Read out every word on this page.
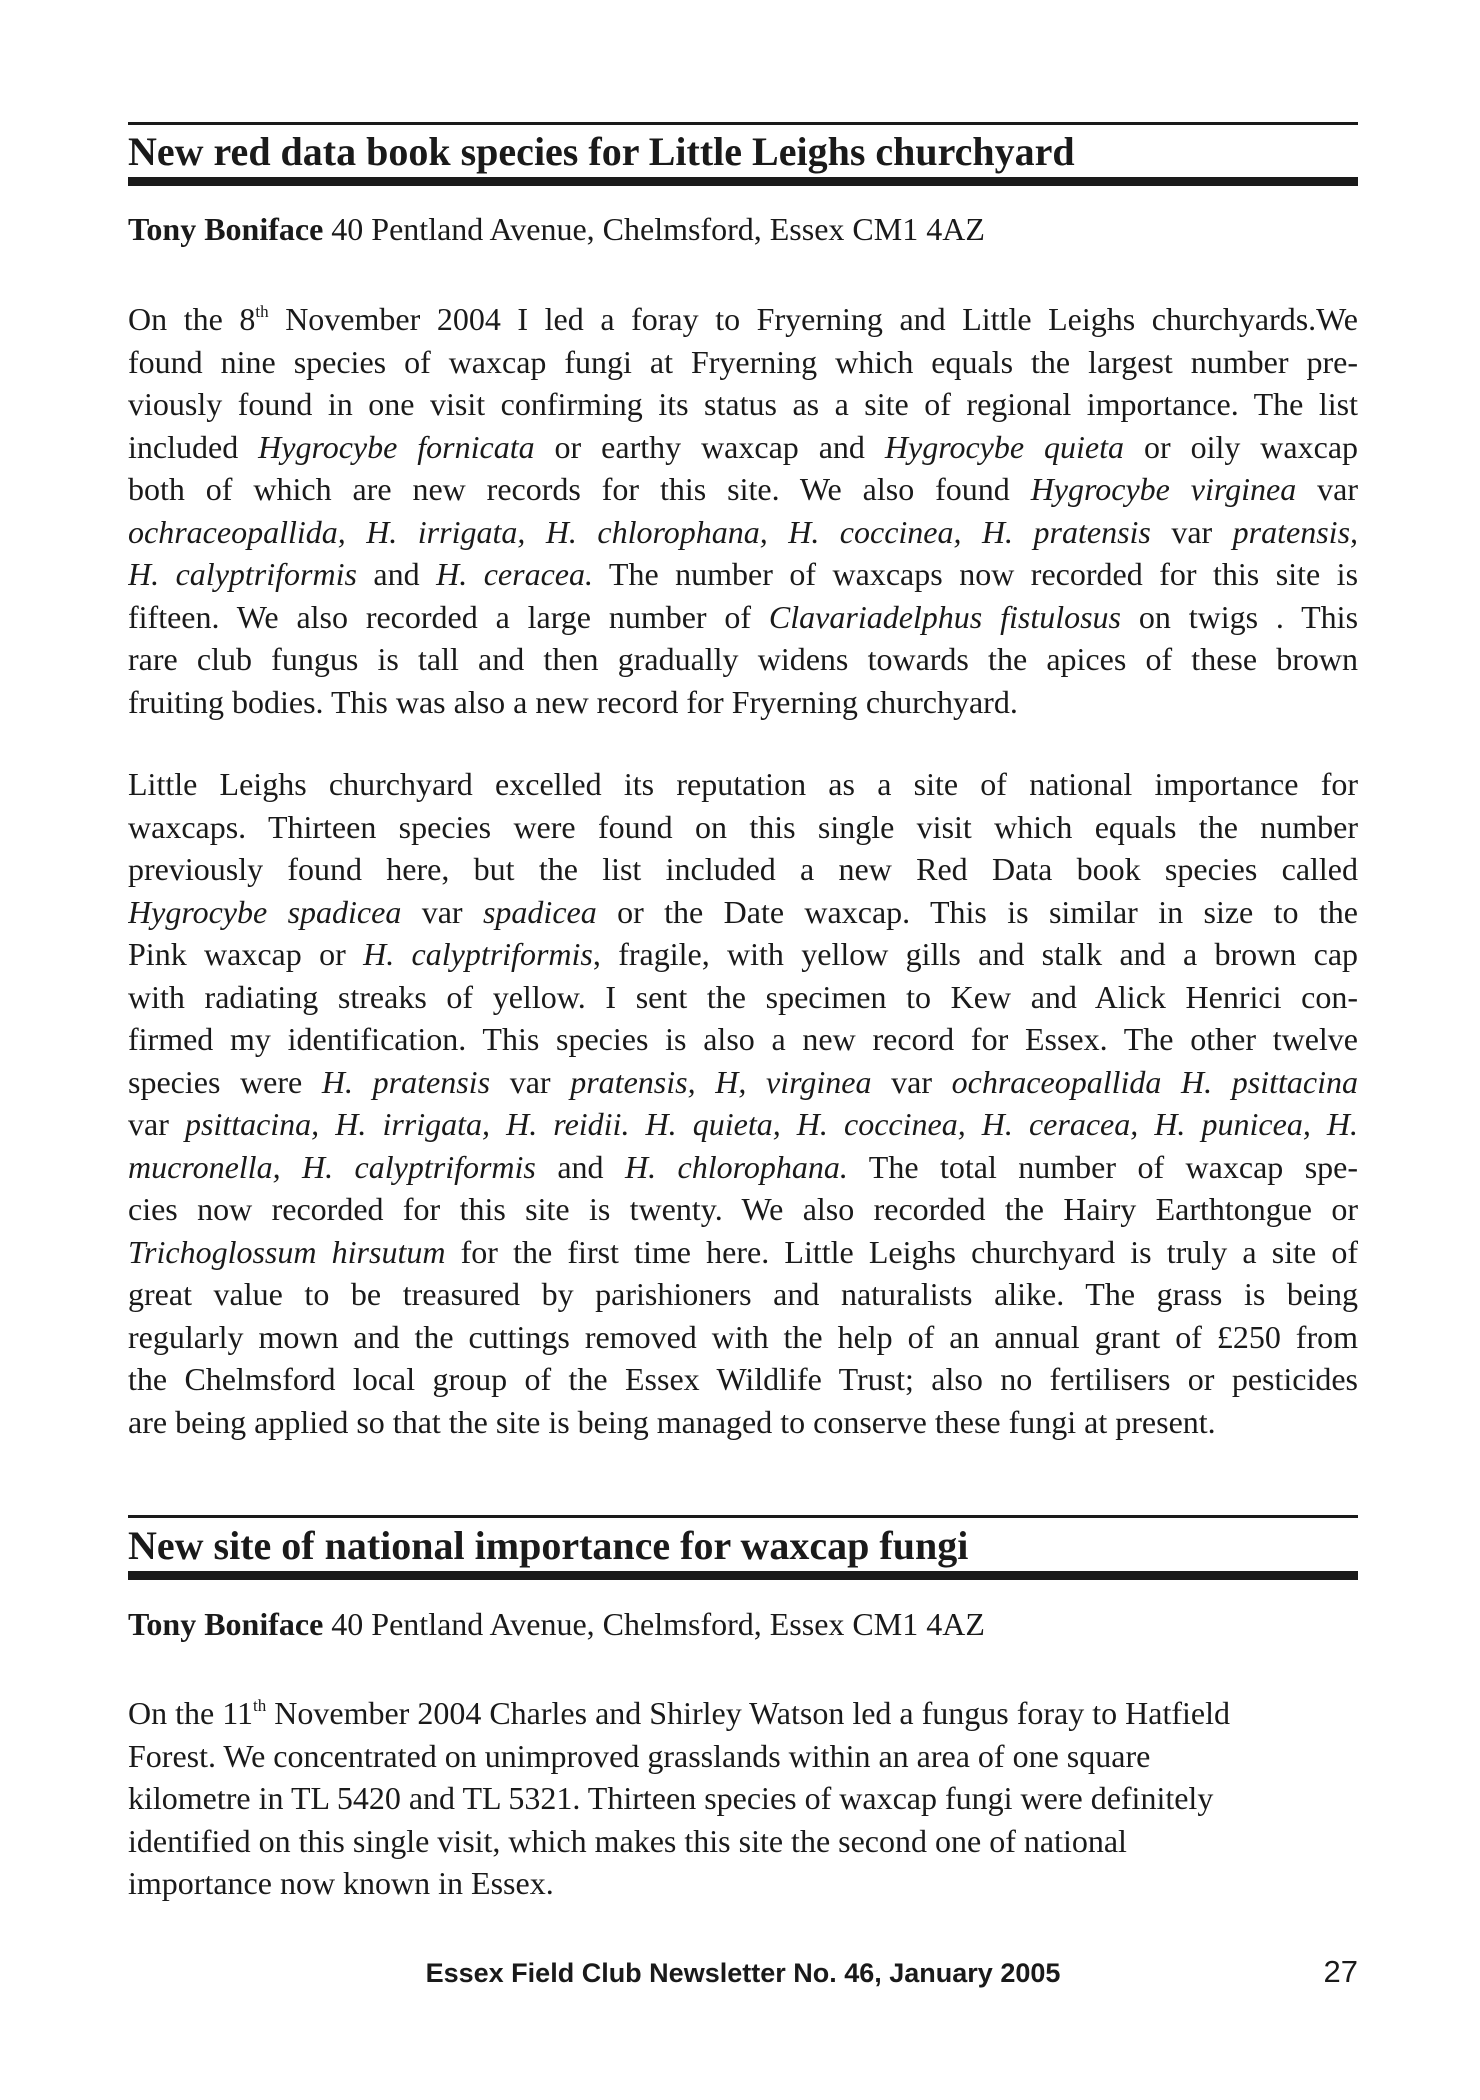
New red data book species for Little Leighs churchyard

Tony Boniface 40 Pentland Avenue, Chelmsford, Essex CM1 4AZ

On the 8th November 2004 I led a foray to Fryerning and Little Leighs churchyards.We
found nine species of waxcap fungi at Fryerning which equals the largest number pre-
viously found in one visit confirming its status as a site of regional importance. The list
included Hygrocybe fornicata or earthy waxcap and Hygrocybe quieta or oily waxcap
both of which are new records for this site. We also found Hygrocybe virginea var
ochraceopallida, H. irrigata, H. chlorophana, H. coccinea, H. pratensis var pratensis,
H. calyptriformis and H. ceracea. The number of waxcaps now recorded for this site is
fifteen. We also recorded a large number of Clavariadelphus fistulosus on twigs . This
rare club fungus is tall and then gradually widens towards the apices of these brown
fruiting bodies. This was also a new record for Fryerning churchyard.
Little Leighs churchyard excelled its reputation as a site of national importance for
waxcaps. Thirteen species were found on this single visit which equals the number
previously found here, but the list included a new Red Data book species called
Hygrocybe spadicea var spadicea or the Date waxcap. This is similar in size to the
Pink waxcap or H. calyptriformis, fragile, with yellow gills and stalk and a brown cap
with radiating streaks of yellow. I sent the specimen to Kew and Alick Henrici con-
firmed my identification. This species is also a new record for Essex. The other twelve
species were H. pratensis var pratensis, H, virginea var ochraceopallida H. psittacina
var psittacina, H. irrigata, H. reidii. H. quieta, H. coccinea, H. ceracea, H. punicea, H.
mucronella, H. calyptriformis and H. chlorophana. The total number of waxcap spe-
cies now recorded for this site is twenty. We also recorded the Hairy Earthtongue or
Trichoglossum hirsutum for the first time here. Little Leighs churchyard is truly a site of
great value to be treasured by parishioners and naturalists alike. The grass is being
regularly mown and the cuttings removed with the help of an annual grant of £250 from
the Chelmsford local group of the Essex Wildlife Trust; also no fertilisers or pesticides
are being applied so that the site is being managed to conserve these fungi at present.
New site of national importance for waxcap fungi

Tony Boniface 40 Pentland Avenue, Chelmsford, Essex CM1 4AZ

On the 11th November 2004 Charles and Shirley Watson led a fungus foray to Hatfield
Forest. We concentrated on unimproved grasslands within an area of one square
kilometre in TL 5420 and TL 5321. Thirteen species of waxcap fungi were definitely
identified on this single visit, which makes this site the second one of national
importance now known in Essex.
Essex Field Club Newsletter No. 46, January 2005	27
